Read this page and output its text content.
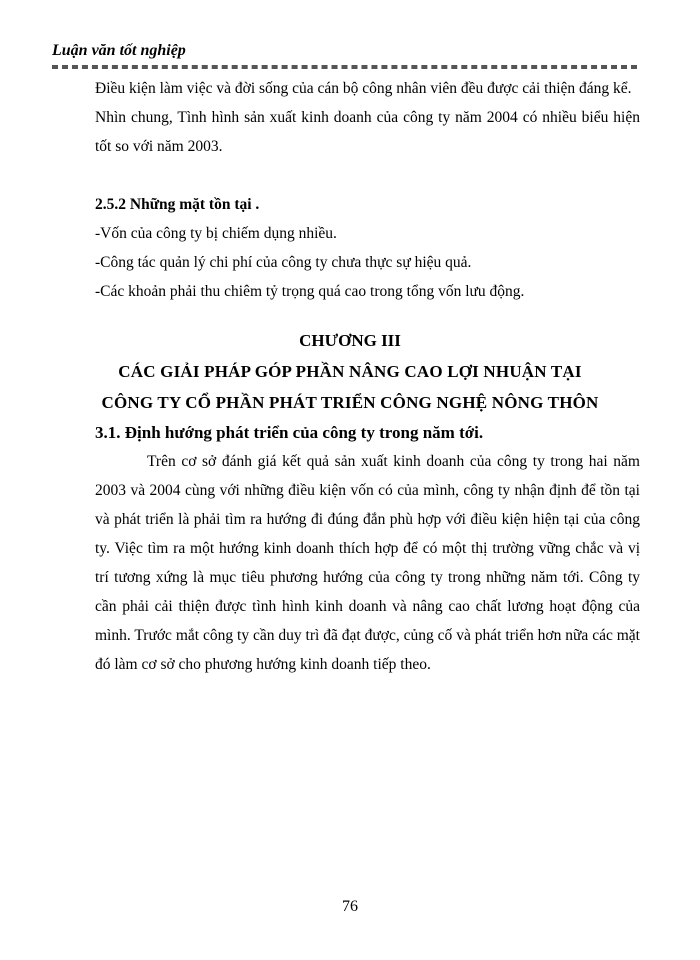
Luận văn tốt nghiệp

Điều kiện làm việc và đời sống của cán bộ công nhân viên đều được cải thiện đáng kể.

Nhìn chung, Tình hình sản xuất kinh doanh của công ty năm 2004 có nhiều biểu hiện tốt so với năm 2003.

2.5.2 Những mặt tồn tại .

-Vốn của công ty bị chiếm dụng nhiều.

-Công tác quản lý chi phí của công ty chưa thực sự hiệu quả.

-Các khoản phải thu chiêm tỷ trọng quá cao trong tổng vốn lưu động.

CHƯƠNG III

CÁC GIẢI PHÁP GÓP PHẦN NÂNG CAO LỢI NHUẬN TẠI

CÔNG TY CỔ PHẦN PHÁT TRIỂN CÔNG NGHỆ NÔNG THÔN

3.1. Định hướng phát triển của công ty trong năm tới.

Trên cơ sở đánh giá kết quả sản xuất kinh doanh của công ty trong hai năm 2003 và 2004 cùng với những điều kiện vốn có của mình, công ty nhận định để tồn tại và phát triển là phải tìm ra hướng đi đúng đắn phù hợp với điều kiện hiện tại của công ty. Việc tìm ra một hướng kinh doanh thích hợp để có một thị trường vững chắc và vị trí tương xứng là mục tiêu phương hướng của công ty trong những năm tới. Công ty cần phải cải thiện được tình hình kinh doanh và nâng cao chất lương hoạt động của mình. Trước mắt công ty cần duy trì đã đạt được, củng cố và phát triển hơn nữa các mặt đó làm cơ sở cho phương hướng kinh doanh tiếp theo.

76
